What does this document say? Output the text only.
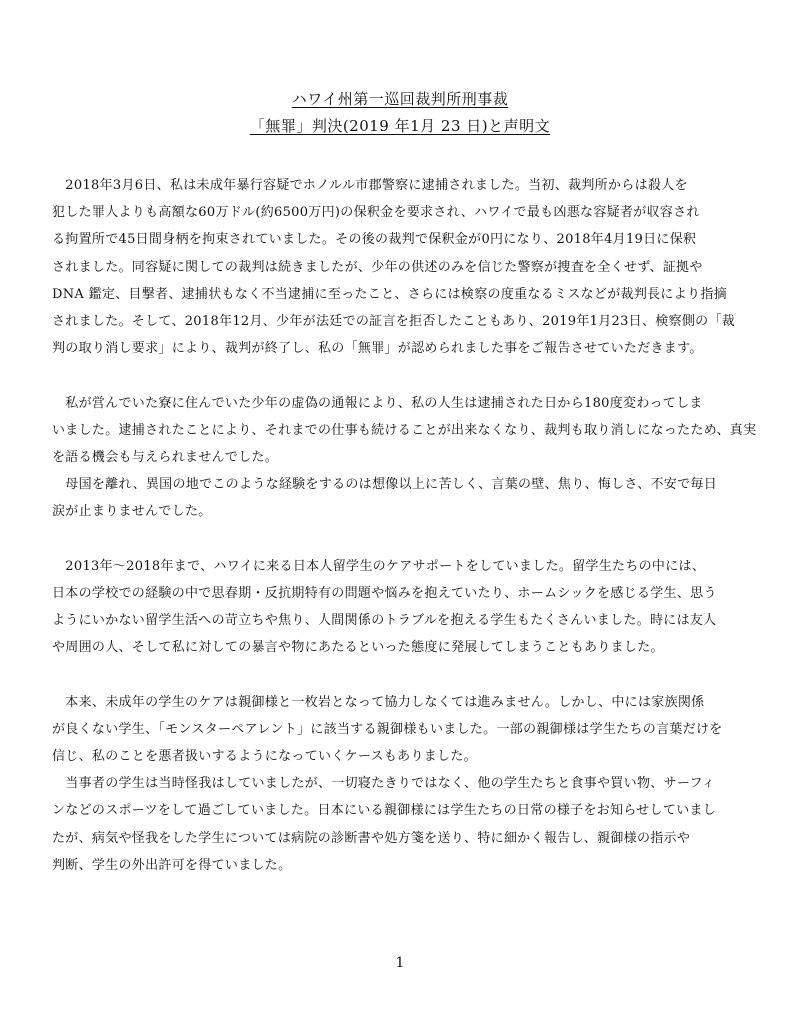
ハワイ州第一巡回裁判所刑事裁
「無罪」判決(2019 年1月 23 日)と声明文
　2018年3月6日、私は未成年暴行容疑でホノルル市郡警察に逮捕されました。当初、裁判所からは殺人を
犯した罪人よりも高額な60万ドル(約6500万円)の保釈金を要求され、ハワイで最も凶悪な容疑者が収容され
る拘置所で45日間身柄を拘束されていました。その後の裁判で保釈金が0円になり、2018年4月19日に保釈
されました。同容疑に関しての裁判は続きましたが、少年の供述のみを信じた警察が捜査を全くせず、証拠や
DNA 鑑定、目撃者、逮捕状もなく不当逮捕に至ったこと、さらには検察の度重なるミスなどが裁判長により指摘
されました。そして、2018年12月、少年が法廷での証言を拒否したこともあり、2019年1月23日、検察側の「裁
判の取り消し要求」により、裁判が終了し、私の「無罪」が認められました事をご報告させていただきます。
　私が営んでいた寮に住んでいた少年の虚偽の通報により、私の人生は逮捕された日から180度変わってしま
いました。逮捕されたことにより、それまでの仕事も続けることが出来なくなり、裁判も取り消しになったため、真実
を語る機会も与えられませんでした。
　母国を離れ、異国の地でこのような経験をするのは想像以上に苦しく、言葉の壁、焦り、悔しさ、不安で毎日
涙が止まりませんでした。
　2013年～2018年まで、ハワイに来る日本人留学生のケアサポートをしていました。留学生たちの中には、
日本の学校での経験の中で思春期・反抗期特有の問題や悩みを抱えていたり、ホームシックを感じる学生、思う
ようにいかない留学生活への苛立ちや焦り、人間関係のトラブルを抱える学生もたくさんいました。時には友人
や周囲の人、そして私に対しての暴言や物にあたるといった態度に発展してしまうこともありました。
　本来、未成年の学生のケアは親御様と一枚岩となって協力しなくては進みません。しかし、中には家族関係
が良くない学生、「モンスターペアレント」に該当する親御様もいました。一部の親御様は学生たちの言葉だけを
信じ、私のことを悪者扱いするようになっていくケースもありました。
　当事者の学生は当時怪我はしていましたが、一切寝たきりではなく、他の学生たちと食事や買い物、サーフィ
ンなどのスポーツをして過ごしていました。日本にいる親御様には学生たちの日常の様子をお知らせしていまし
たが、病気や怪我をした学生については病院の診断書や処方箋を送り、特に細かく報告し、親御様の指示や
判断、学生の外出許可を得ていました。
1
